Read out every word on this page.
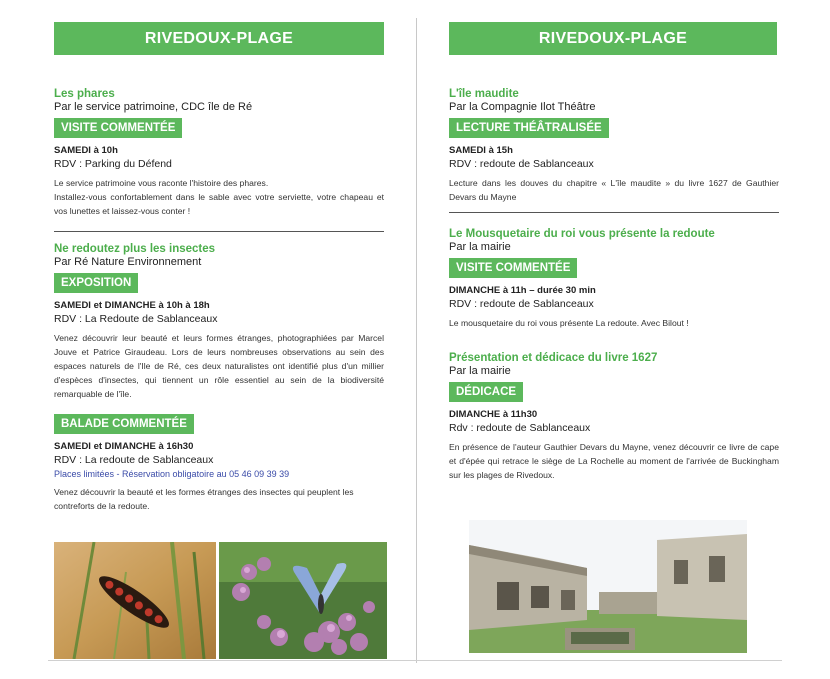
RIVEDOUX-PLAGE
Les phares
Par le service patrimoine, CDC île de Ré
VISITE COMMENTÉE
SAMEDI à 10h
RDV : Parking du Défend
Le service patrimoine vous raconte l'histoire des phares.
Installez-vous confortablement dans le sable avec votre serviette, votre chapeau et vos lunettes et laissez-vous conter !
Ne redoutez plus les insectes
Par Ré Nature Environnement
EXPOSITION
SAMEDI et DIMANCHE à 10h à 18h
RDV : La Redoute de Sablanceaux
Venez découvrir leur beauté et leurs formes étranges, photographiées par Marcel Jouve et Patrice Giraudeau. Lors de leurs nombreuses observations au sein des espaces naturels de l'Ile de Ré, ces deux naturalistes ont identifié plus d'un millier d'espèces d'insectes, qui tiennent un rôle essentiel au sein de la biodiversité remarquable de l'île.
BALADE COMMENTÉE
SAMEDI et DIMANCHE à 16h30
RDV : La redoute de Sablanceaux
Places limitées - Réservation obligatoire au 05 46 09 39 39
Venez découvrir la beauté et les formes étranges des insectes qui peuplent les contreforts de la redoute.
RIVEDOUX-PLAGE
L'île maudite
Par la Compagnie Ilot Théâtre
LECTURE THÉÂTRALISÉE
SAMEDI à 15h
RDV : redoute de Sablanceaux
Lecture dans les douves du chapitre « L'île maudite » du livre 1627 de Gauthier Devars du Mayne
Le Mousquetaire du roi vous présente la redoute
Par la mairie
VISITE COMMENTÉE
DIMANCHE à 11h – durée 30 min
RDV : redoute de Sablanceaux
Le mousquetaire du roi vous présente La redoute. Avec Bilout !
Présentation et dédicace du livre 1627
Par la mairie
DÉDICACE
DIMANCHE à 11h30
Rdv : redoute de Sablanceaux
En présence de l'auteur Gauthier Devars du Mayne, venez découvrir ce livre de cape et d'épée qui retrace le siège de La Rochelle au moment de l'arrivée de Buckingham sur les plages de Rivedoux.
